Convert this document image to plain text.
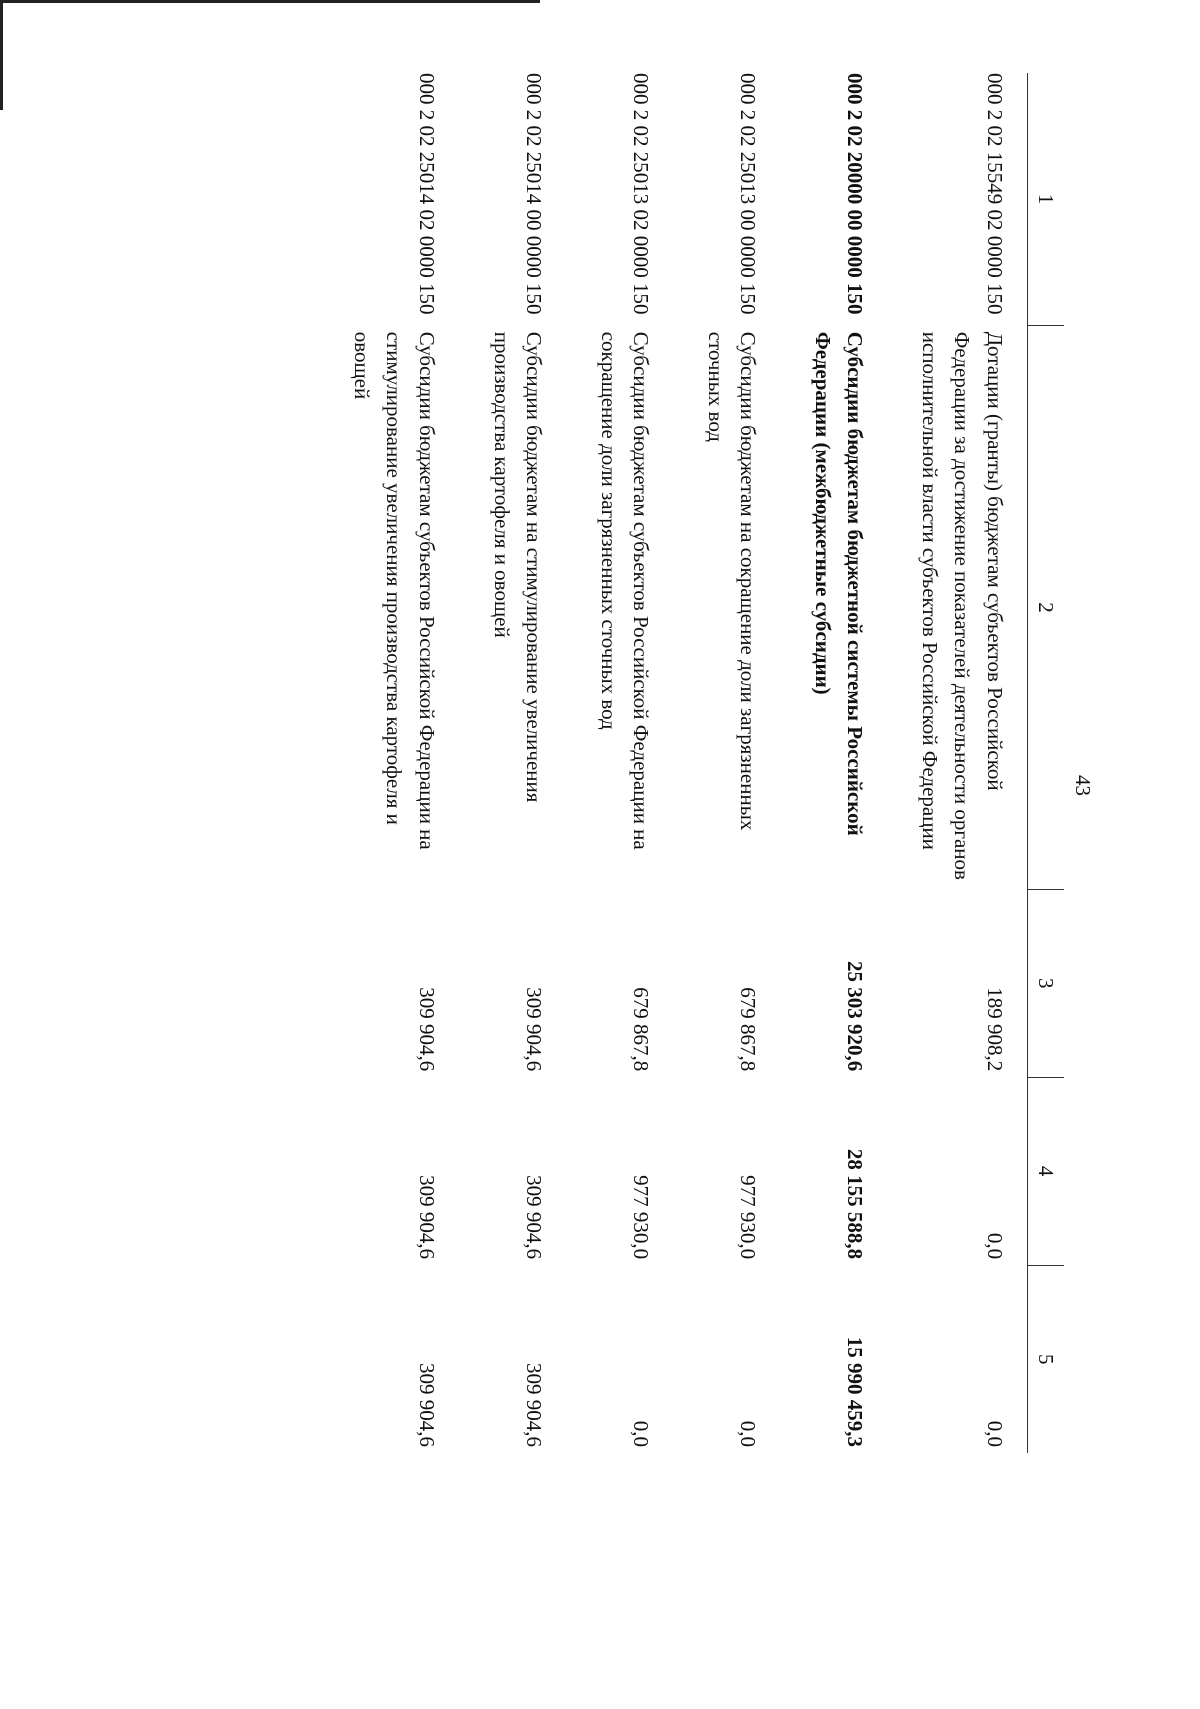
43
1	2	3	4	5

000 2 02 15549 02 0000 150	Дотации (гранты) бюджетам субъектов Российской Федерации за достижение показателей деятельности органов исполнительной власти субъектов Российской Федерации	189 908,2	0,0	0,0
000 2 02 20000 00 0000 150	Субсидии бюджетам бюджетной системы Российской Федерации (межбюджетные субсидии)	25 303 920,6	28 155 588,8	15 990 459,3
000 2 02 25013 00 0000 150	Субсидии бюджетам на сокращение доли загрязненных сточных вод	679 867,8	977 930,0	0,0
000 2 02 25013 02 0000 150	Субсидии бюджетам субъектов Российской Федерации на сокращение доли загрязненных сточных вод	679 867,8	977 930,0	0,0
000 2 02 25014 00 0000 150	Субсидии бюджетам на стимулирование увеличения производства картофеля и овощей	309 904,6	309 904,6	309 904,6
000 2 02 25014 02 0000 150	Субсидии бюджетам субъектов Российской Федерации на стимулирование увеличения производства картофеля и овощей	309 904,6	309 904,6	309 904,6
